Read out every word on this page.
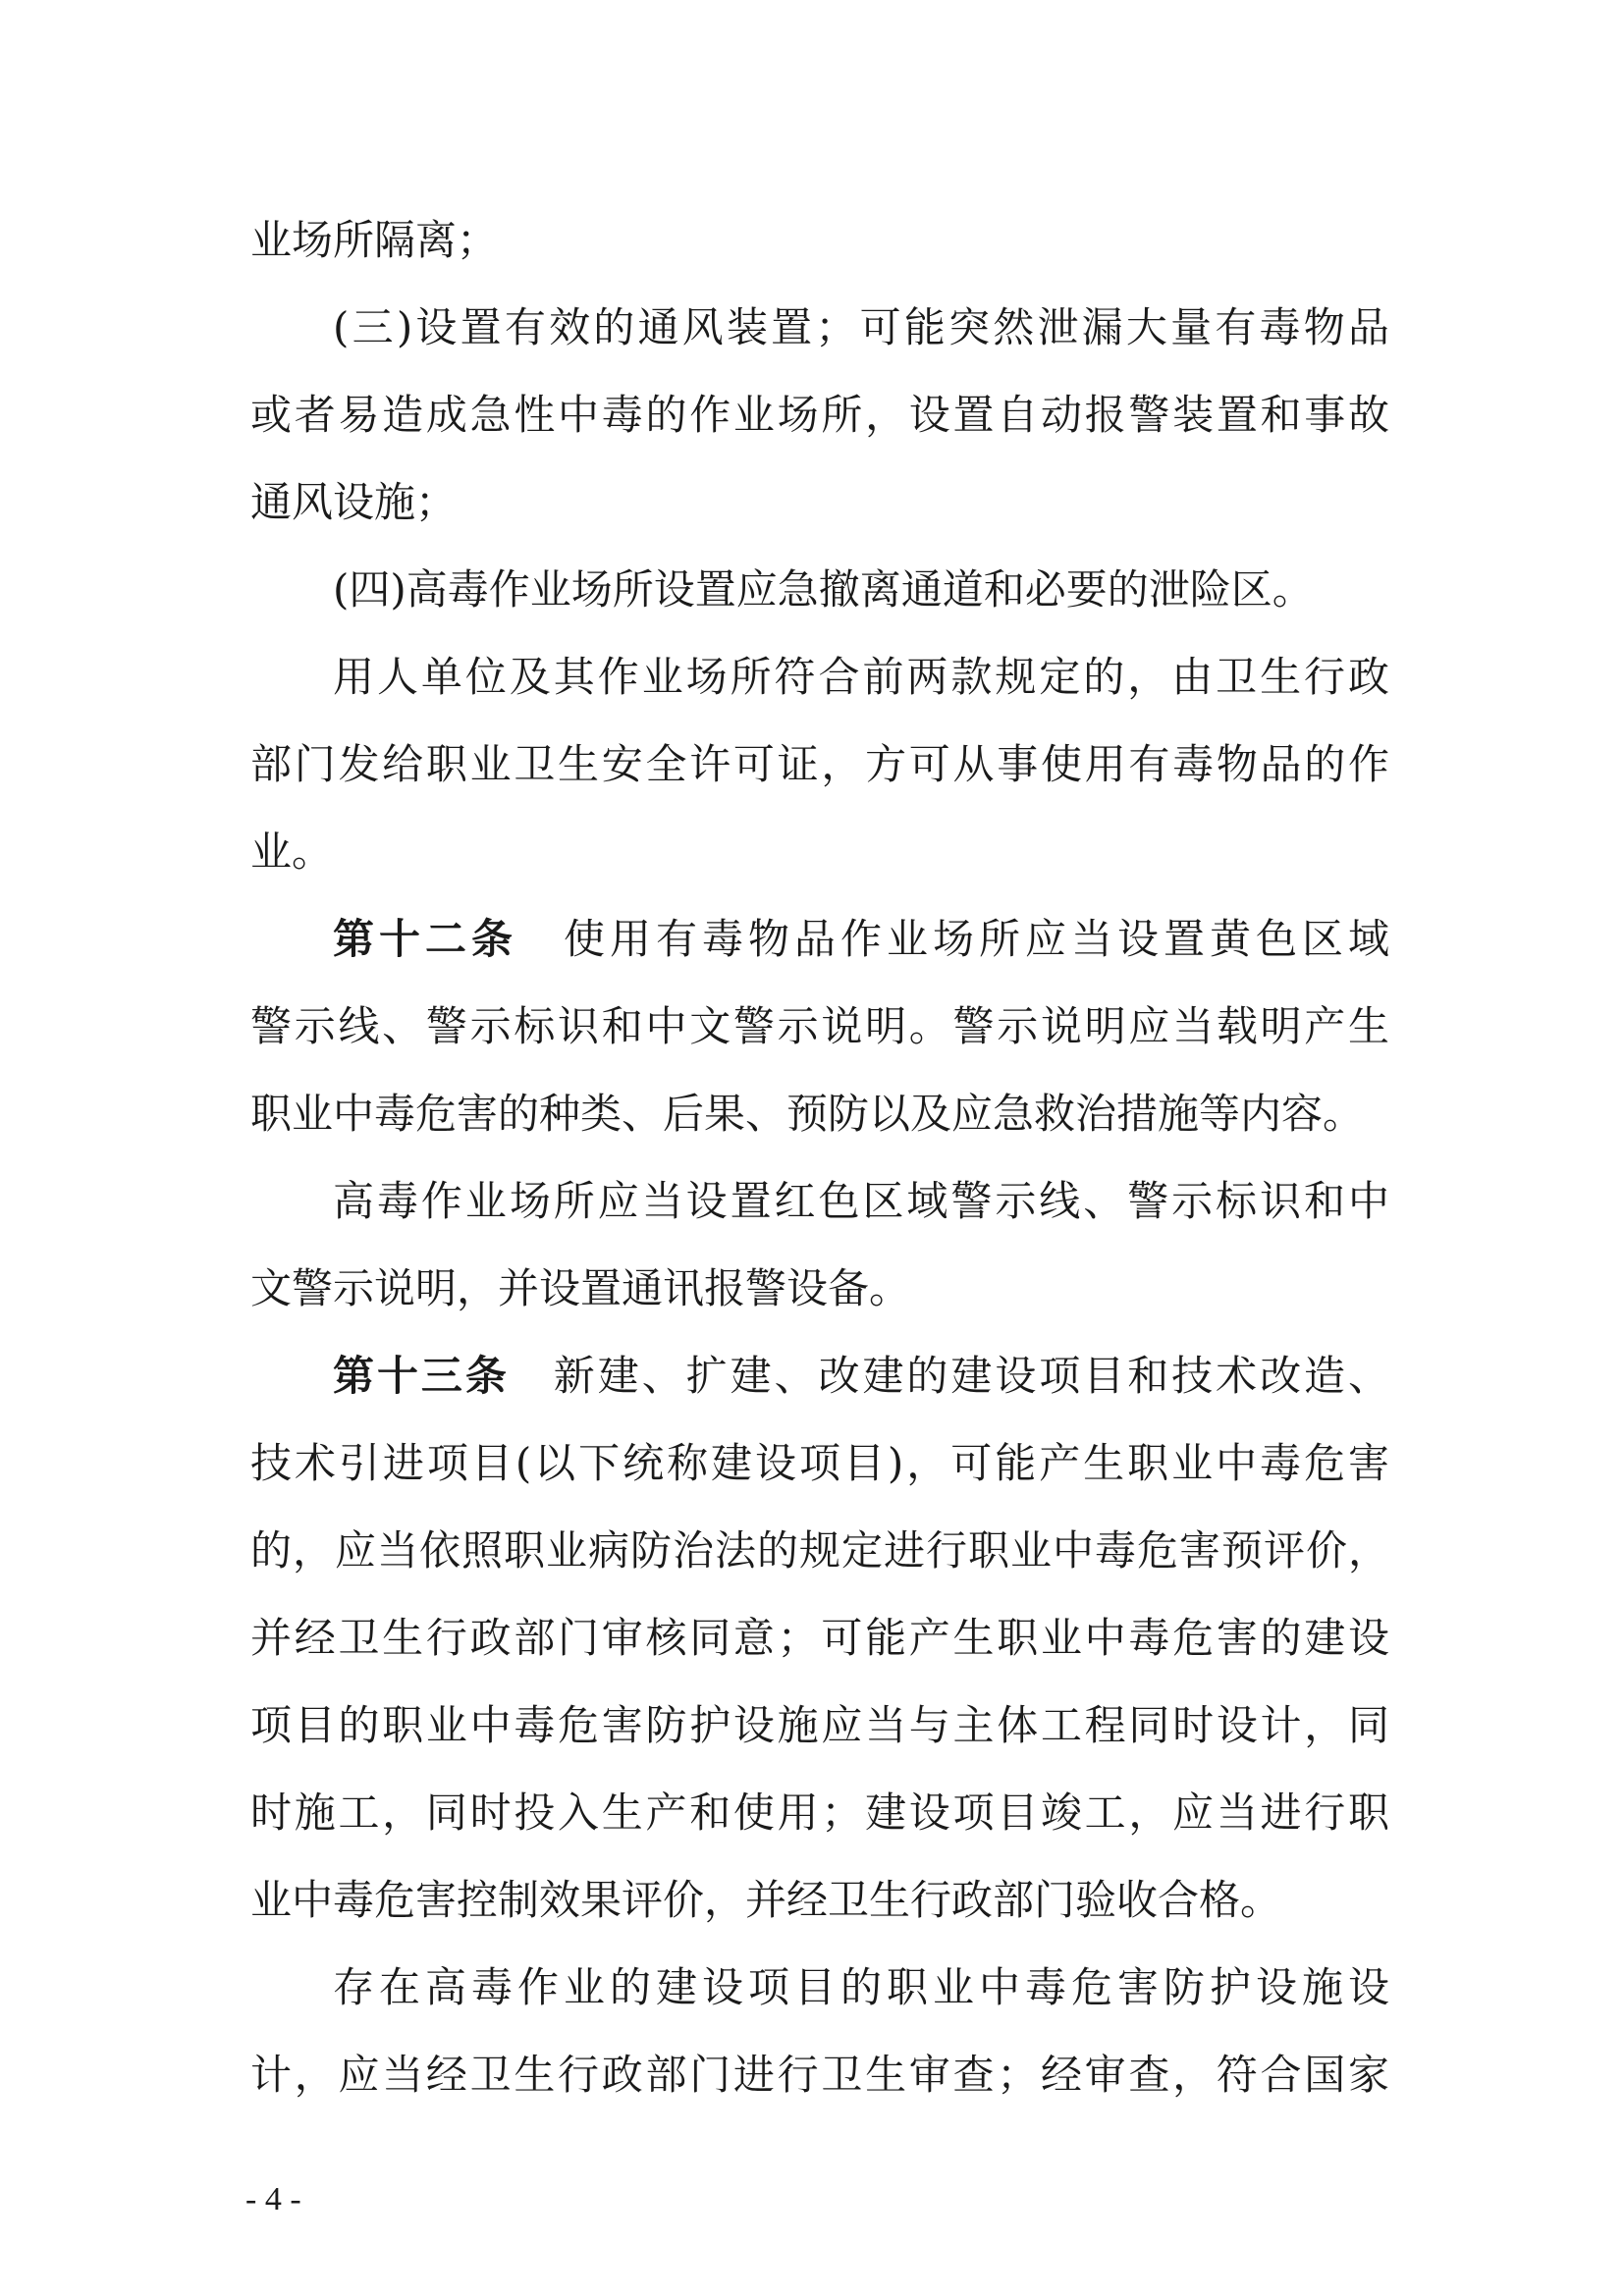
业场所隔离；
(三)设置有效的通风装置；可能突然泄漏大量有毒物品
或者易造成急性中毒的作业场所，设置自动报警装置和事故
通风设施；
(四)高毒作业场所设置应急撤离通道和必要的泄险区。
用人单位及其作业场所符合前两款规定的，由卫生行政
部门发给职业卫生安全许可证，方可从事使用有毒物品的作
业。
第十二条　 使用有毒物品作业场所应当设置黄色区域
警示线、警示标识和中文警示说明。警示说明应当载明产生
职业中毒危害的种类、后果、预防以及应急救治措施等内容。
高毒作业场所应当设置红色区域警示线、警示标识和中
文警示说明，并设置通讯报警设备。
第十三条　 新建、扩建、改建的建设项目和技术改造、
技术引进项目(以下统称建设项目)，可能产生职业中毒危害
的，应当依照职业病防治法的规定进行职业中毒危害预评价，
并经卫生行政部门审核同意；可能产生职业中毒危害的建设
项目的职业中毒危害防护设施应当与主体工程同时设计，同
时施工，同时投入生产和使用；建设项目竣工，应当进行职
业中毒危害控制效果评价，并经卫生行政部门验收合格。
存在高毒作业的建设项目的职业中毒危害防护设施设
计，应当经卫生行政部门进行卫生审查；经审查，符合国家
- 4 -
